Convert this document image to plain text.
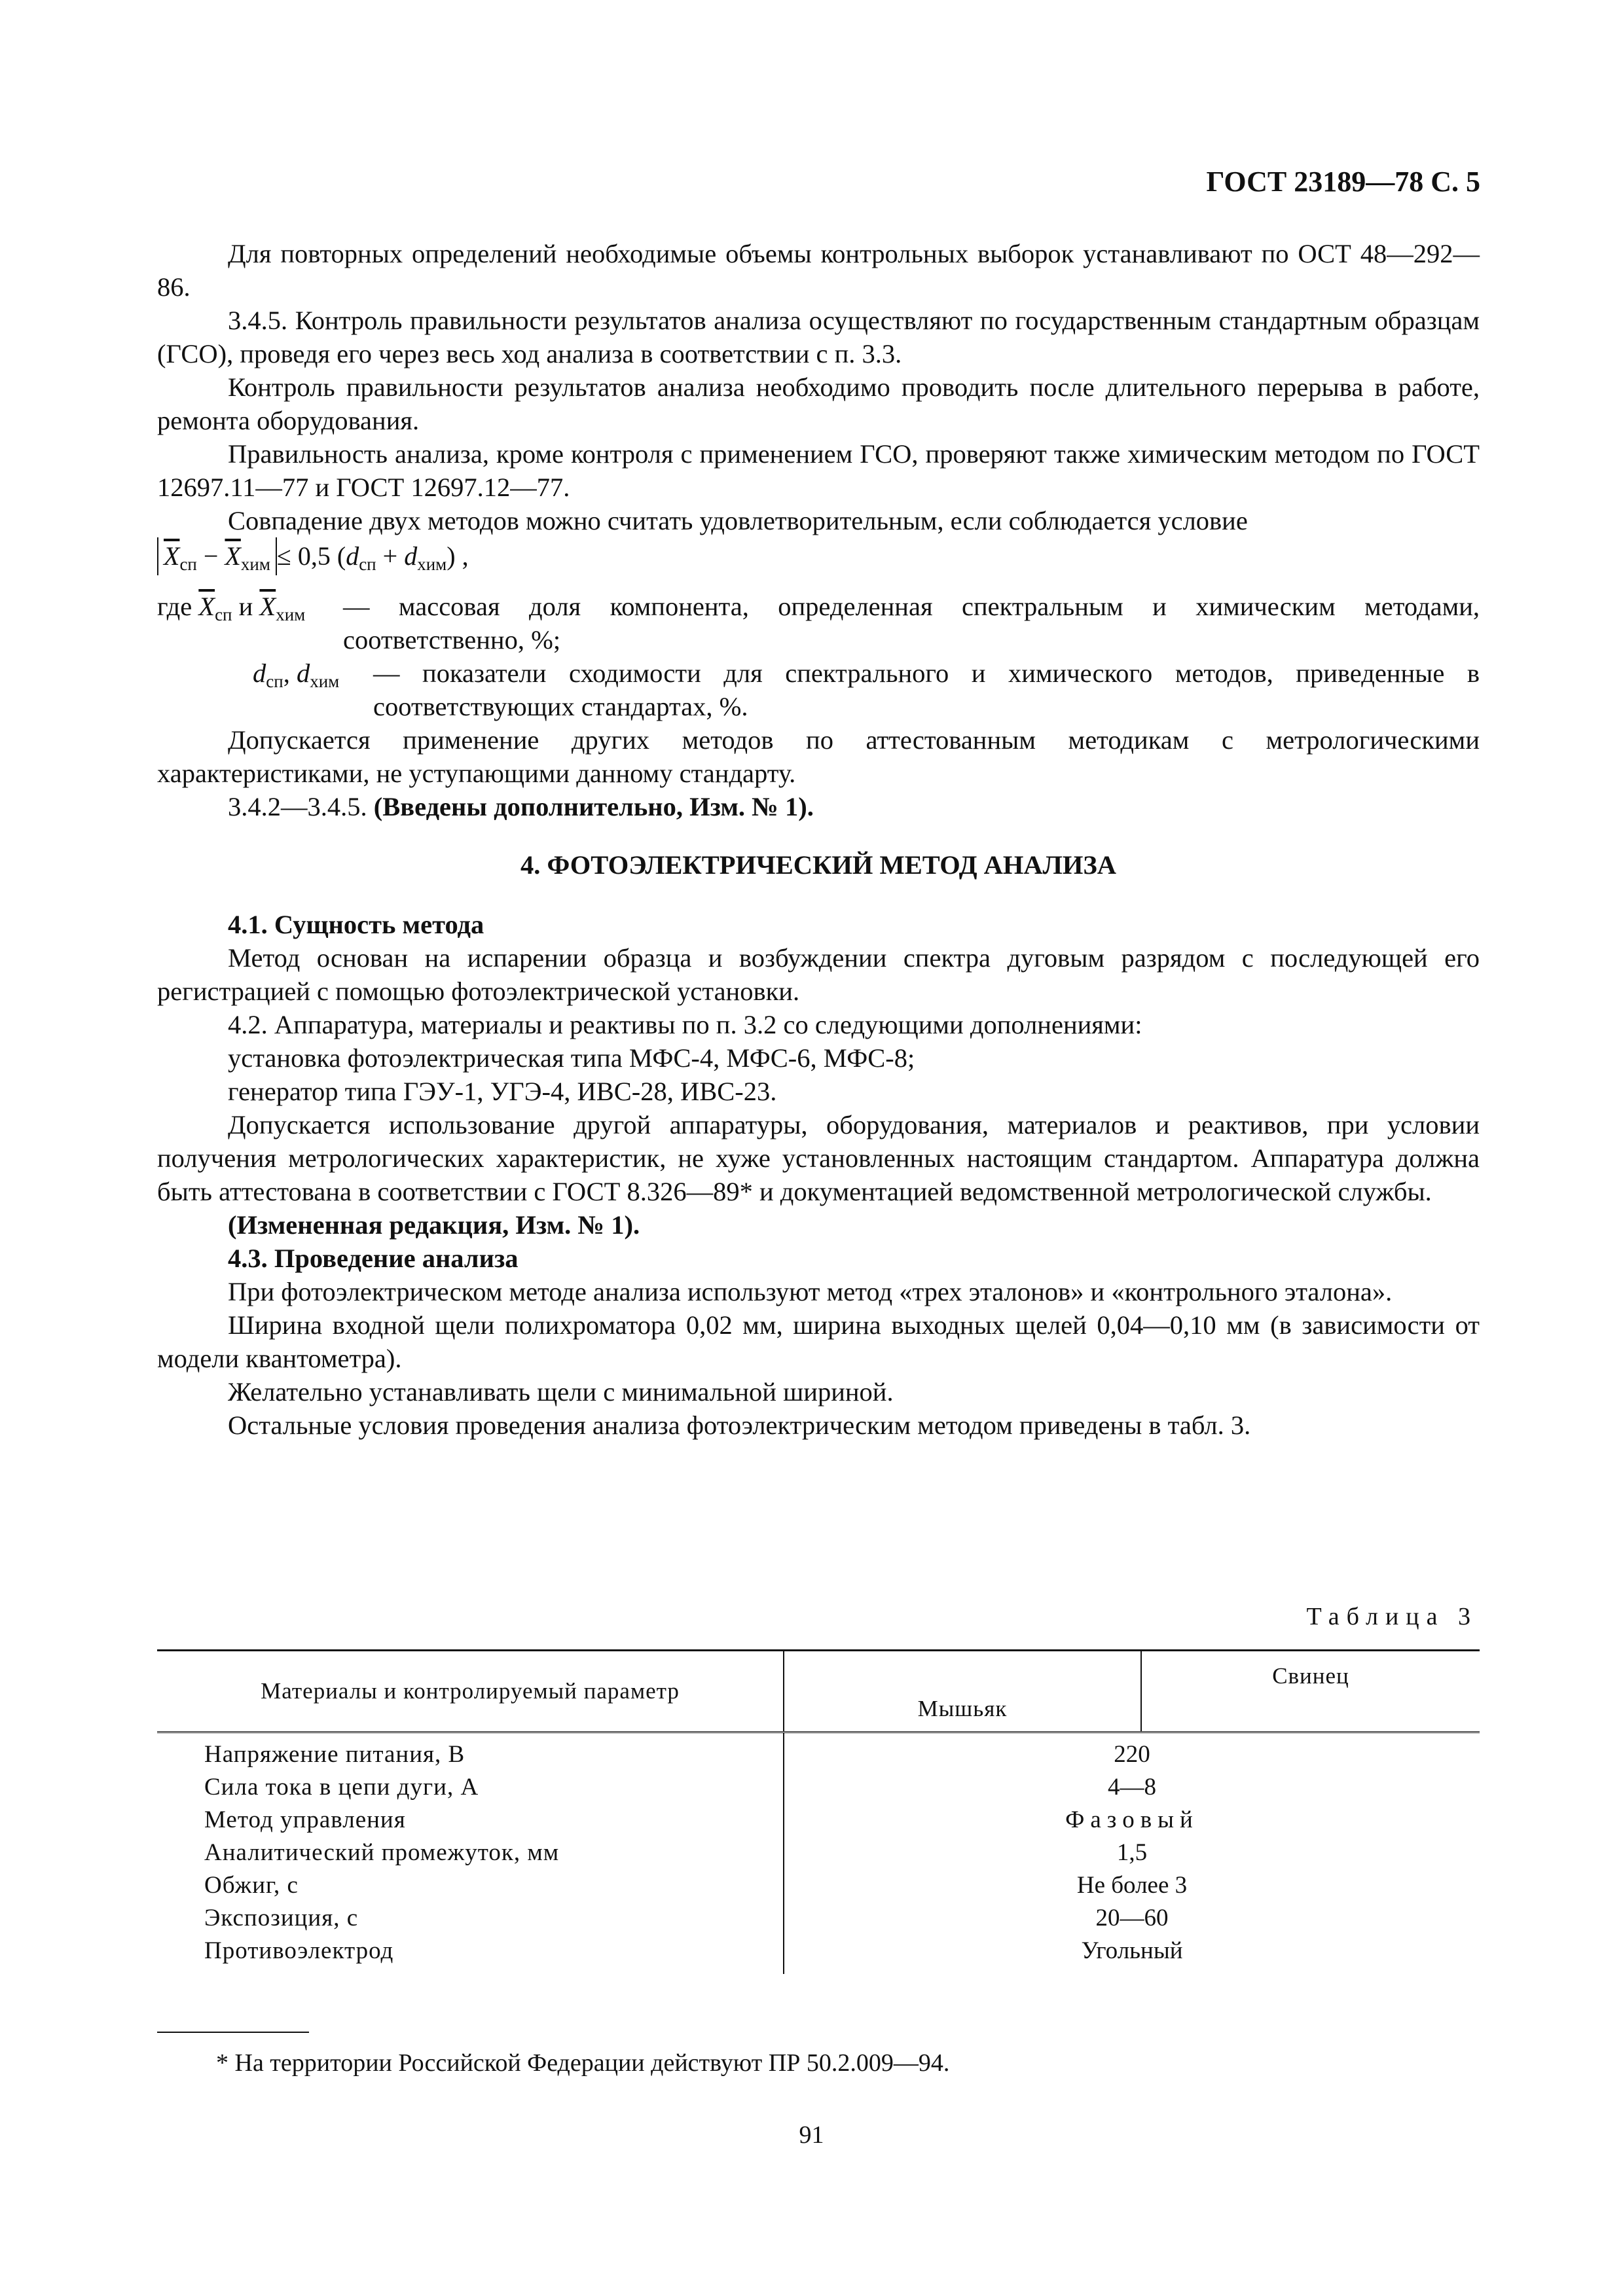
ГОСТ 23189—78 С. 5

Для повторных определений необходимые объемы контрольных выборок устанавливают по ОСТ 48—292—86.

3.4.5. Контроль правильности результатов анализа осуществляют по государственным стандартным образцам (ГСО), проведя его через весь ход анализа в соответствии с п. 3.3.

Контроль правильности результатов анализа необходимо проводить после длительного перерыва в работе, ремонта оборудования.

Правильность анализа, кроме контроля с применением ГСО, проверяют также химическим методом по ГОСТ 12697.11—77 и ГОСТ 12697.12—77.

Совпадение двух методов можно считать удовлетворительным, если соблюдается условие

$\overline{X}_{сп} - \overline{X}_{хим}\le 0,5$ $(d_{сп} + d_{хим})$ ,
где $\overline{X}_{сп}$ и $\overline{X}_{хим}$ — массовая доля компонента, определенная спектральным и химическим методами, соответственно, %;

$d_{сп}$, $d_{хим}$ — показатели сходимости для спектрального и химического методов, приведенные в соответствующих стандартах, %.

Допускается применение других методов по аттестованным методикам с метрологическими характеристиками, не уступающими данному стандарту.

3.4.2—3.4.5. (Введены дополнительно, Изм. № 1).

4. ФОТОЭЛЕКТРИЧЕСКИЙ МЕТОД АНАЛИЗА

4.1. Сущность метода

Метод основан на испарении образца и возбуждении спектра дуговым разрядом с последующей его регистрацией с помощью фотоэлектрической установки.

4.2. Аппаратура, материалы и реактивы по п. 3.2 со следующими дополнениями:

установка фотоэлектрическая типа МФС-4, МФС-6, МФС-8;

генератор типа ГЭУ-1, УГЭ-4, ИВС-28, ИВС-23.

Допускается использование другой аппаратуры, оборудования, материалов и реактивов, при условии получения метрологических характеристик, не хуже установленных настоящим стандартом. Аппаратура должна быть аттестована в соответствии с ГОСТ 8.326—89* и документацией ведомственной метрологической службы.

(Измененная редакция, Изм. № 1).

4.3. Проведение анализа

При фотоэлектрическом методе анализа используют метод «трех эталонов» и «контрольного эталона».

Ширина входной щели полихроматора 0,02 мм, ширина выходных щелей 0,04—0,10 мм (в зависимости от модели квантометра).

Желательно устанавливать щели с минимальной шириной.

Остальные условия проведения анализа фотоэлектрическим методом приведены в табл. 3.

Таблица 3
Материалы и контролируемый параметр	Мышьяк	Свинец
Напряжение питания, В	220	
Сила тока в цепи дуги, А	4—8	
Метод управления	Фазовый	
Аналитический промежуток, мм	1,5	
Обжиг, с	Не более 3	
Экспозиция, с	20—60	
Противоэлектрод	Угольный	
* На территории Российской Федерации действуют ПР 50.2.009—94.
91
